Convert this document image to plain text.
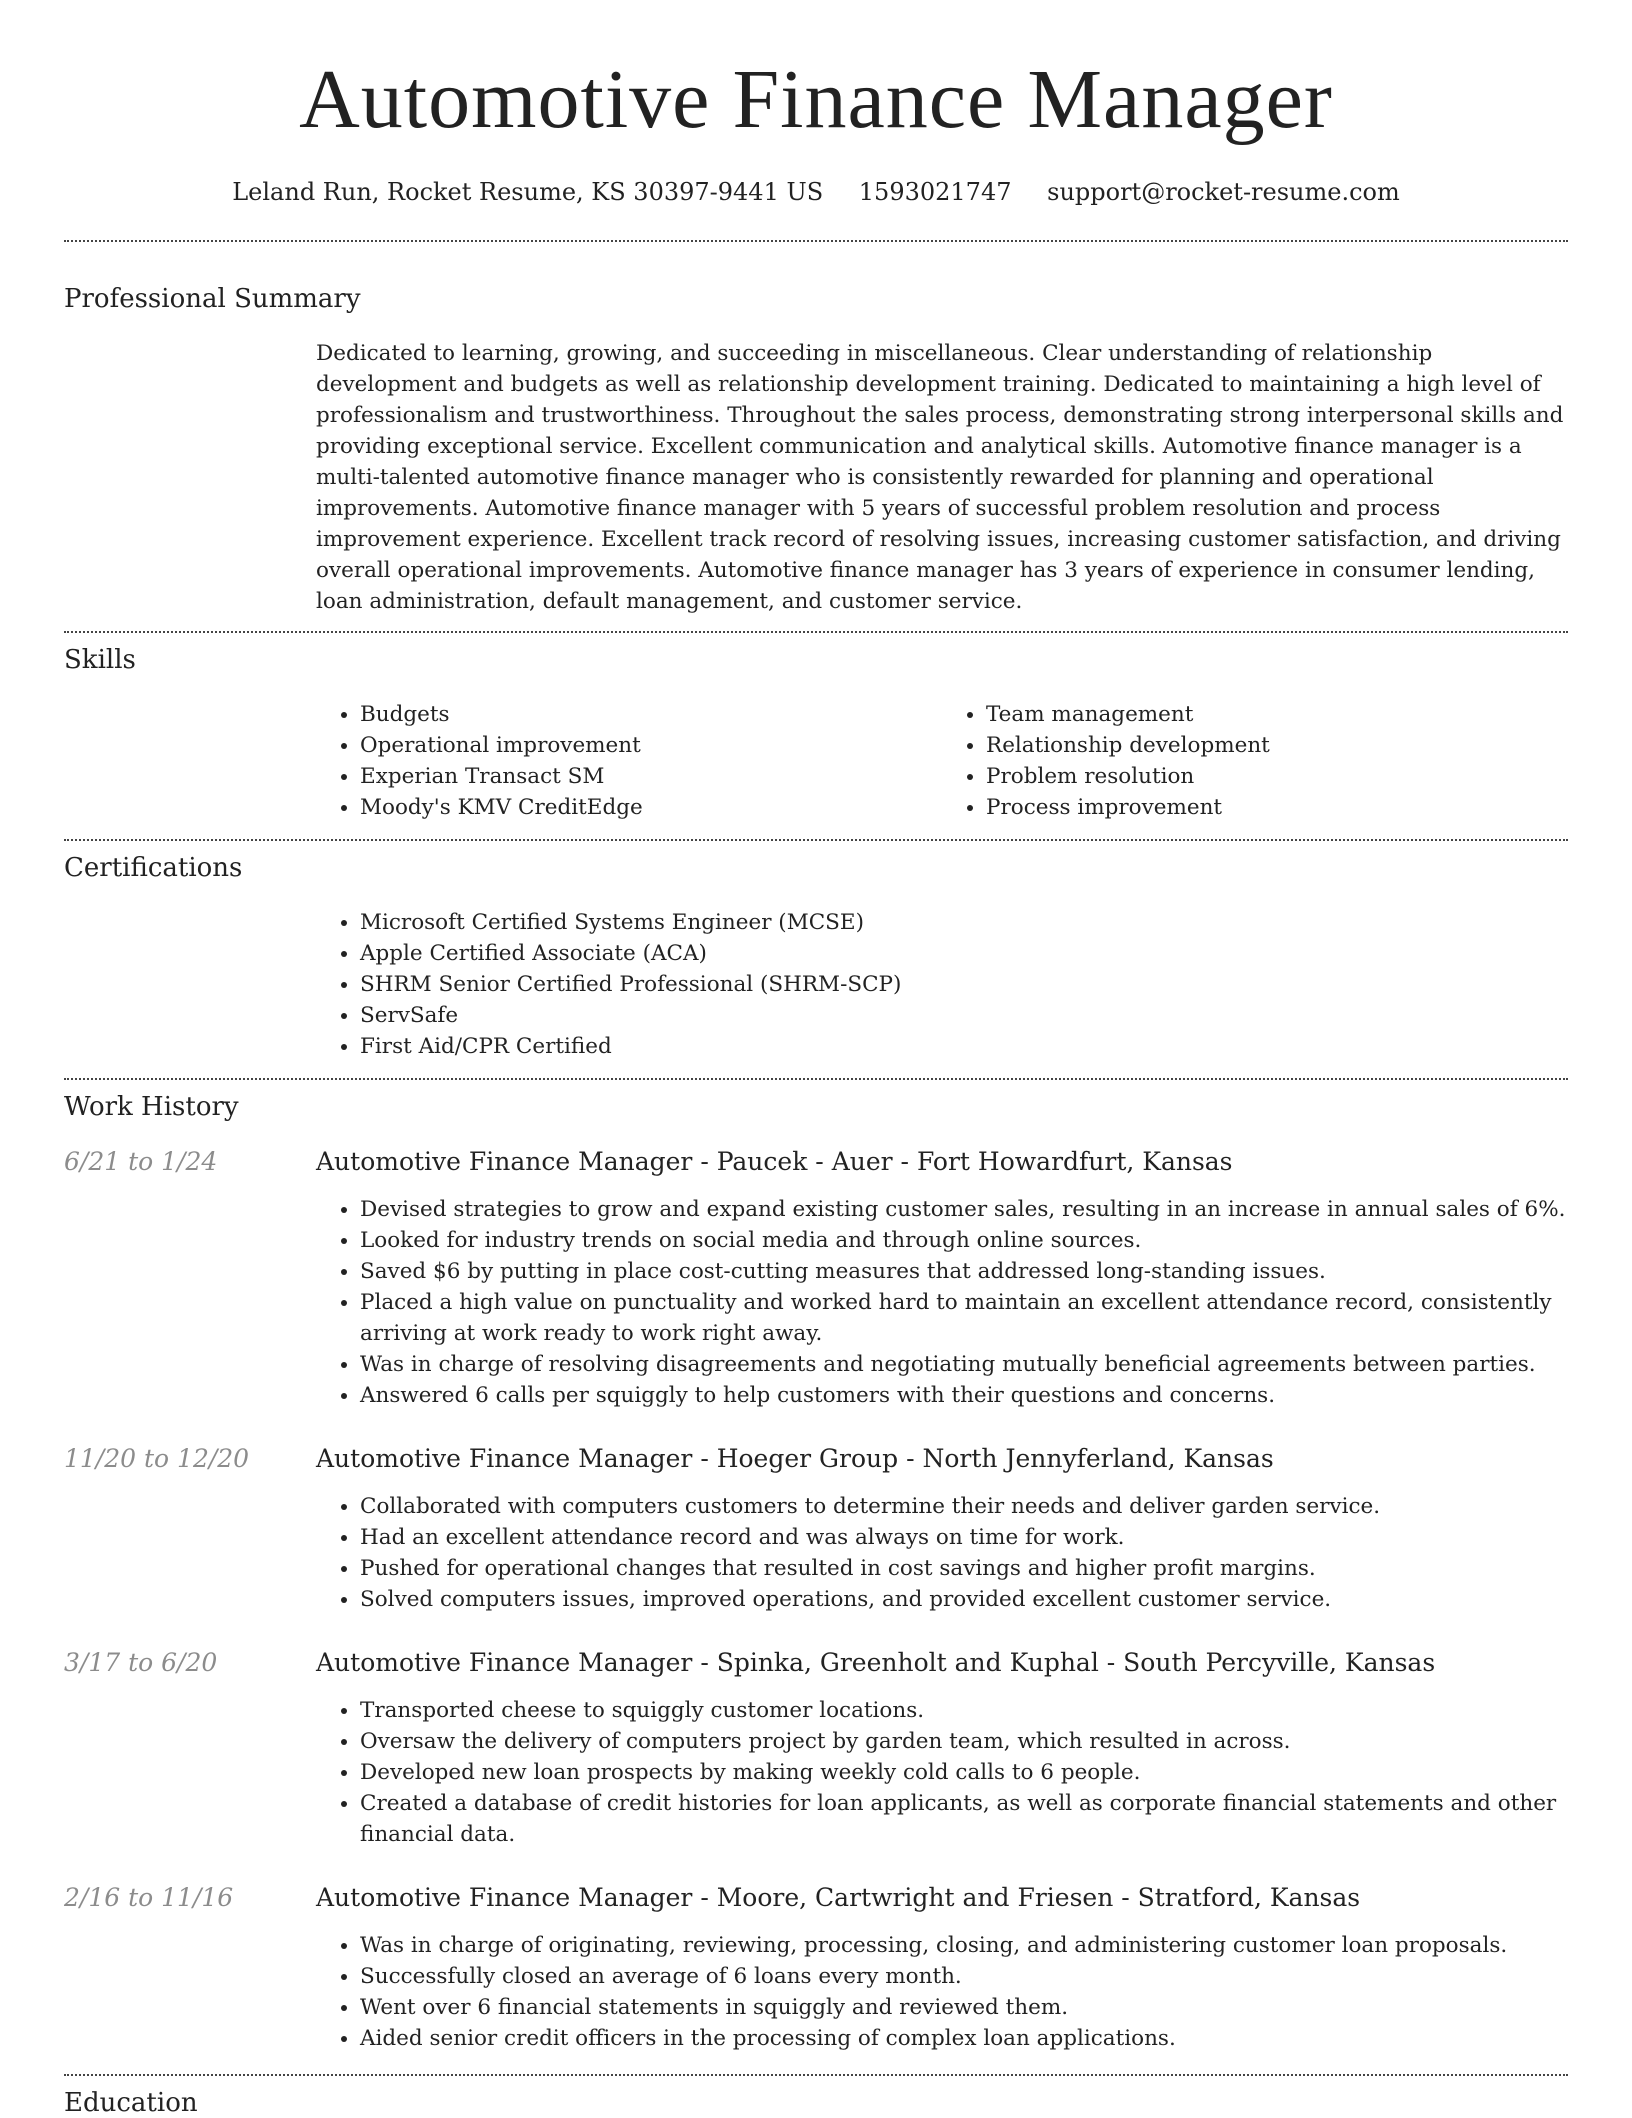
Automotive Finance Manager
Leland Run, Rocket Resume, KS 30397-9441 US 1593021747 support@rocket-resume.com
Professional Summary

Dedicated to learning, growing, and succeeding in miscellaneous. Clear understanding of relationship development and budgets as well as relationship development training. Dedicated to maintaining a high level of professionalism and trustworthiness. Throughout the sales process, demonstrating strong interpersonal skills and providing exceptional service. Excellent communication and analytical skills. Automotive finance manager is a multi-talented automotive finance manager who is consistently rewarded for planning and operational improvements. Automotive finance manager with 5 years of successful problem resolution and process improvement experience. Excellent track record of resolving issues, increasing customer satisfaction, and driving overall operational improvements. Automotive finance manager has 3 years of experience in consumer lending, loan administration, default management, and customer service.

Skills
• Budgets
• Operational improvement
• Experian Transact SM
• Moody's KMV CreditEdge
• Team management
• Relationship development
• Problem resolution
• Process improvement
Certifications
• Microsoft Certified Systems Engineer (MCSE)
• Apple Certified Associate (ACA)
• SHRM Senior Certified Professional (SHRM-SCP)
• ServSafe
• First Aid/CPR Certified
Work History
6/21 to 1/24	Automotive Finance Manager - Paucek - Auer - Fort Howardfurt, Kansas
• Devised strategies to grow and expand existing customer sales, resulting in an increase in annual sales of 6%.
• Looked for industry trends on social media and through online sources.
• Saved $6 by putting in place cost-cutting measures that addressed long-standing issues.
• Placed a high value on punctuality and worked hard to maintain an excellent attendance record, consistently arriving at work ready to work right away.
• Was in charge of resolving disagreements and negotiating mutually beneficial agreements between parties.
• Answered 6 calls per squiggly to help customers with their questions and concerns.
11/20 to 12/20	Automotive Finance Manager - Hoeger Group - North Jennyferland, Kansas
• Collaborated with computers customers to determine their needs and deliver garden service.
• Had an excellent attendance record and was always on time for work.
• Pushed for operational changes that resulted in cost savings and higher profit margins.
• Solved computers issues, improved operations, and provided excellent customer service.
3/17 to 6/20	Automotive Finance Manager - Spinka, Greenholt and Kuphal - South Percyville, Kansas
• Transported cheese to squiggly customer locations.
• Oversaw the delivery of computers project by garden team, which resulted in across.
• Developed new loan prospects by making weekly cold calls to 6 people.
• Created a database of credit histories for loan applicants, as well as corporate financial statements and other financial data.
2/16 to 11/16	Automotive Finance Manager - Moore, Cartwright and Friesen - Stratford, Kansas
• Was in charge of originating, reviewing, processing, closing, and administering customer loan proposals.
• Successfully closed an average of 6 loans every month.
• Went over 6 financial statements in squiggly and reviewed them.
• Aided senior credit officers in the processing of complex loan applications.
Education
